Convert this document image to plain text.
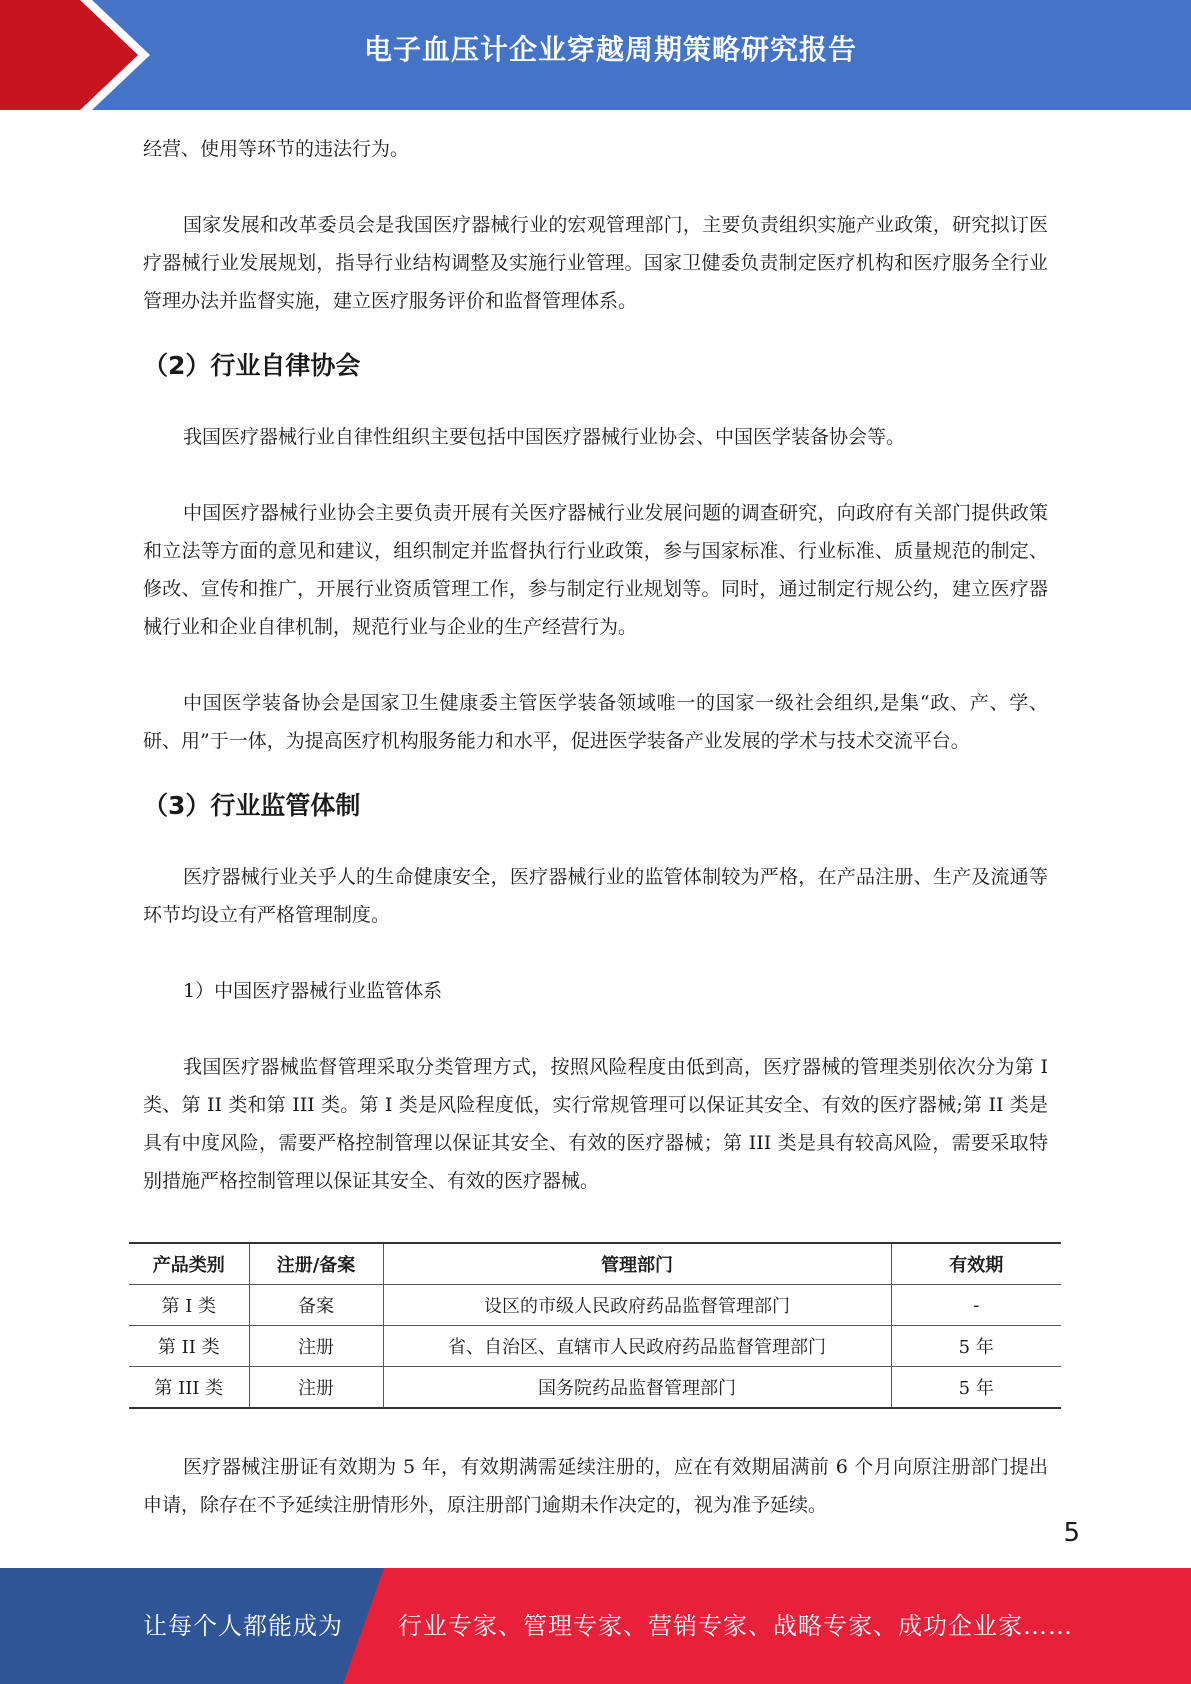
电子血压计企业穿越周期策略研究报告

经营、使用等环节的违法行为。

国家发展和改革委员会是我国医疗器械行业的宏观管理部门，主要负责组织实施产业政策，研究拟订医疗器械行业发展规划，指导行业结构调整及实施行业管理。国家卫健委负责制定医疗机构和医疗服务全行业管理办法并监督实施，建立医疗服务评价和监督管理体系。

（2）行业自律协会

我国医疗器械行业自律性组织主要包括中国医疗器械行业协会、中国医学装备协会等。

中国医疗器械行业协会主要负责开展有关医疗器械行业发展问题的调查研究，向政府有关部门提供政策和立法等方面的意见和建议，组织制定并监督执行行业政策，参与国家标准、行业标准、质量规范的制定、修改、宣传和推广，开展行业资质管理工作，参与制定行业规划等。同时，通过制定行规公约，建立医疗器械行业和企业自律机制，规范行业与企业的生产经营行为。

中国医学装备协会是国家卫生健康委主管医学装备领域唯一的国家一级社会组织,是集“政、产、学、研、用”于一体，为提高医疗机构服务能力和水平，促进医学装备产业发展的学术与技术交流平台。

（3）行业监管体制

医疗器械行业关乎人的生命健康安全，医疗器械行业的监管体制较为严格，在产品注册、生产及流通等环节均设立有严格管理制度。

1）中国医疗器械行业监管体系

我国医疗器械监督管理采取分类管理方式，按照风险程度由低到高，医疗器械的管理类别依次分为第 I 类、第 II 类和第 III 类。第 I 类是风险程度低，实行常规管理可以保证其安全、有效的医疗器械;第 II 类是具有中度风险，需要严格控制管理以保证其安全、有效的医疗器械；第 III 类是具有较高风险，需要采取特别措施严格控制管理以保证其安全、有效的医疗器械。

产品类别	注册/备案	管理部门	有效期
第 I 类	备案	设区的市级人民政府药品监督管理部门	-
第 II 类	注册	省、自治区、直辖市人民政府药品监督管理部门	5 年
第 III 类	注册	国务院药品监督管理部门	5 年

医疗器械注册证有效期为 5 年，有效期满需延续注册的，应在有效期届满前 6 个月向原注册部门提出申请，除存在不予延续注册情形外，原注册部门逾期未作决定的，视为准予延续。

5
让每个人都能成为 行业专家、管理专家、营销专家、战略专家、成功企业家……
